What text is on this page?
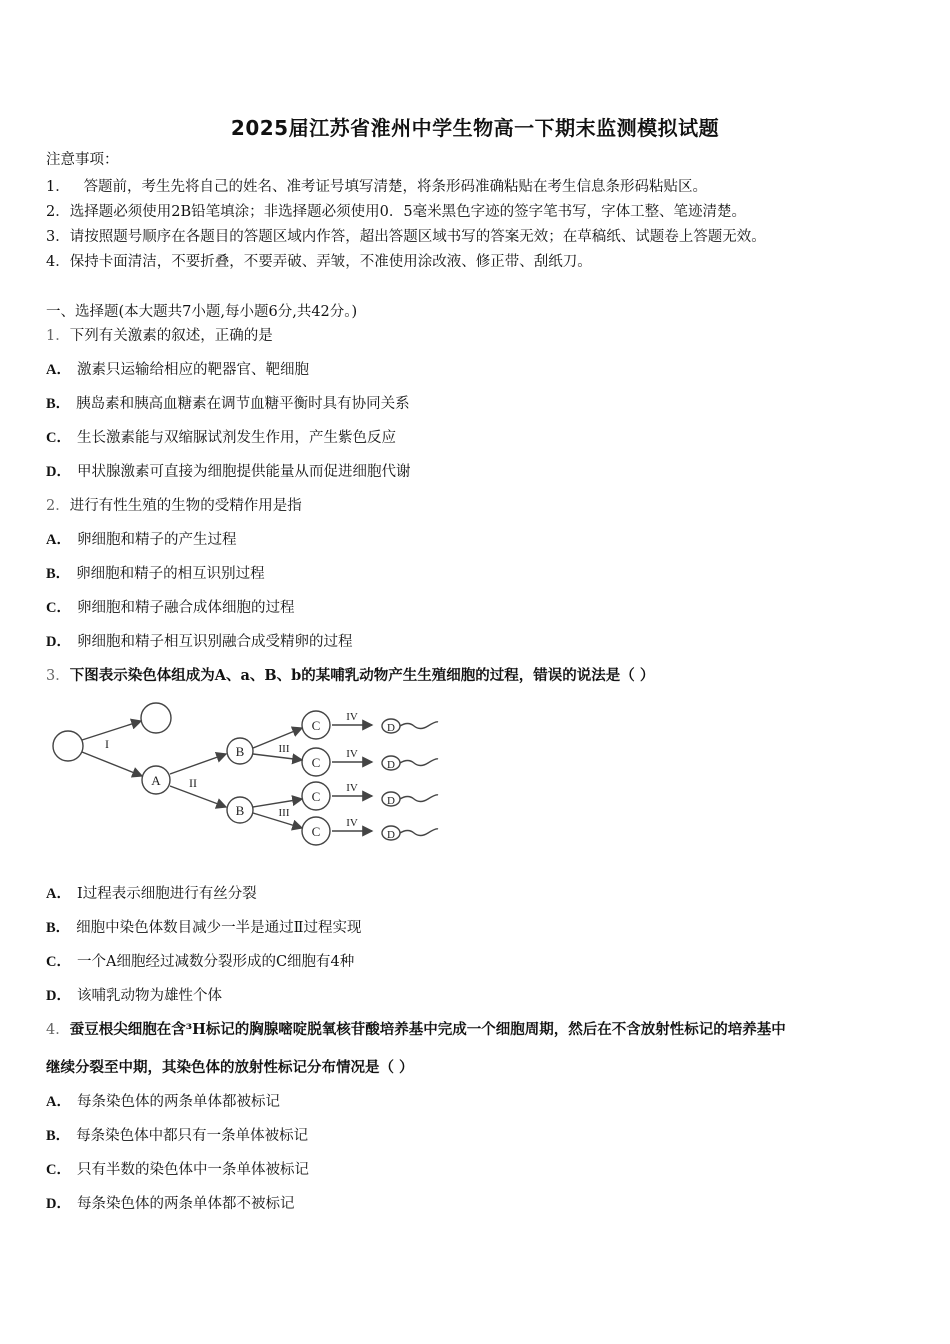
2025届江苏省淮州中学生物高一下期末监测模拟试题
注意事项：
1． 答题前，考生先将自己的姓名、准考证号填写清楚，将条形码准确粘贴在考生信息条形码粘贴区。
2．选择题必须使用2B铅笔填涂；非选择题必须使用0．5毫米黑色字迹的签字笔书写，字体工整、笔迹清楚。
3．请按照题号顺序在各题目的答题区域内作答，超出答题区域书写的答案无效；在草稿纸、试题卷上答题无效。
4．保持卡面清洁，不要折叠，不要弄破、弄皱，不准使用涂改液、修正带、刮纸刀。
一、选择题(本大题共7小题,每小题6分,共42分。)
1．下列有关激素的叙述，正确的是
A． 激素只运输给相应的靶器官、靶细胞
B． 胰岛素和胰高血糖素在调节血糖平衡时具有协同关系
C． 生长激素能与双缩脲试剂发生作用，产生紫色反应
D． 甲状腺激素可直接为细胞提供能量从而促进细胞代谢
2．进行有性生殖的生物的受精作用是指
A． 卵细胞和精子的产生过程
B． 卵细胞和精子的相互识别过程
C． 卵细胞和精子融合成体细胞的过程
D． 卵细胞和精子相互识别融合成受精卵的过程
3．下图表示染色体组成为A、a、B、b的某哺乳动物产生生殖细胞的过程，错误的说法是（ ）
A
B
B
C
C
C
C
D
D
D
D
I
II
III
III
IV
IV
IV
IV
A． Ⅰ过程表示细胞进行有丝分裂
B． 细胞中染色体数目减少一半是通过Ⅱ过程实现
C． 一个A细胞经过减数分裂形成的C细胞有4种
D． 该哺乳动物为雄性个体
4．蚕豆根尖细胞在含³H标记的胸腺嘧啶脱氧核苷酸培养基中完成一个细胞周期，然后在不含放射性标记的培养基中
继续分裂至中期，其染色体的放射性标记分布情况是（ ）
A． 每条染色体的两条单体都被标记
B． 每条染色体中都只有一条单体被标记
C． 只有半数的染色体中一条单体被标记
D． 每条染色体的两条单体都不被标记
